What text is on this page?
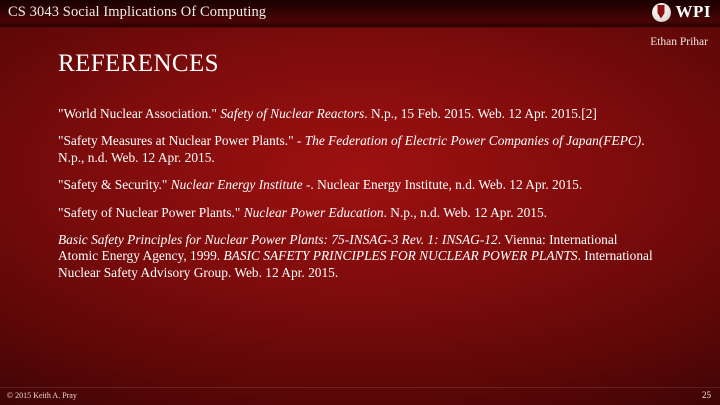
CS 3043 Social Implications Of Computing	WPI
Ethan Prihar
REFERENCES
"World Nuclear Association." Safety of Nuclear Reactors. N.p., 15 Feb. 2015. Web. 12 Apr. 2015.[2]
"Safety Measures at Nuclear Power Plants." - The Federation of Electric Power Companies of Japan(FEPC). N.p., n.d. Web. 12 Apr. 2015.
"Safety & Security." Nuclear Energy Institute -. Nuclear Energy Institute, n.d. Web. 12 Apr. 2015.
"Safety of Nuclear Power Plants." Nuclear Power Education. N.p., n.d. Web. 12 Apr. 2015.
Basic Safety Principles for Nuclear Power Plants: 75-INSAG-3 Rev. 1: INSAG-12. Vienna: International Atomic Energy Agency, 1999. BASIC SAFETY PRINCIPLES FOR NUCLEAR POWER PLANTS. International Nuclear Safety Advisory Group. Web. 12 Apr. 2015.
© 2015 Keith A. Pray	25
